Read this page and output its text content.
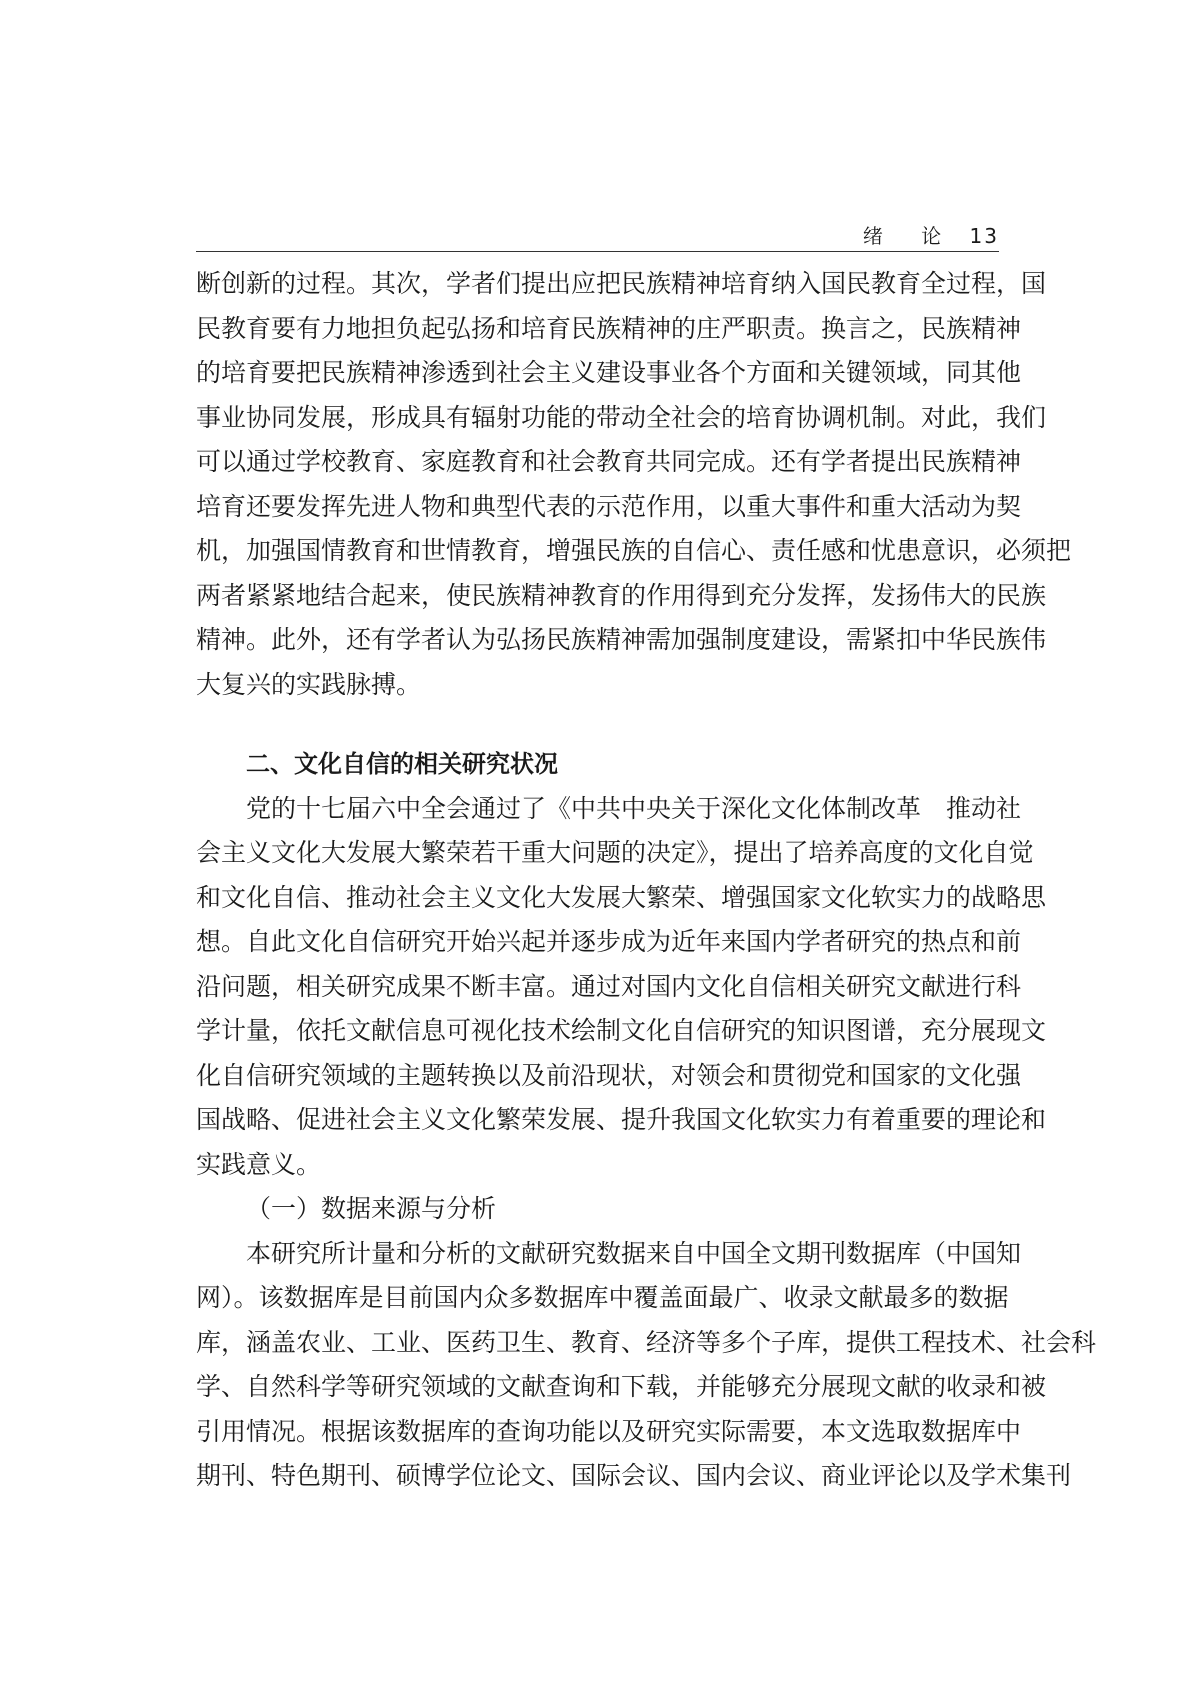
绪 论 13
断创新的过程。其次，学者们提出应把民族精神培育纳入国民教育全过程，国
民教育要有力地担负起弘扬和培育民族精神的庄严职责。换言之，民族精神
的培育要把民族精神渗透到社会主义建设事业各个方面和关键领域，同其他
事业协同发展，形成具有辐射功能的带动全社会的培育协调机制。对此，我们
可以通过学校教育、家庭教育和社会教育共同完成。还有学者提出民族精神
培育还要发挥先进人物和典型代表的示范作用，以重大事件和重大活动为契
机，加强国情教育和世情教育，增强民族的自信心、责任感和忧患意识，必须把
两者紧紧地结合起来，使民族精神教育的作用得到充分发挥，发扬伟大的民族
精神。此外，还有学者认为弘扬民族精神需加强制度建设，需紧扣中华民族伟
大复兴的实践脉搏。
二、文化自信的相关研究状况
党的十七届六中全会通过了《中共中央关于深化文化体制改革　推动社
会主义文化大发展大繁荣若干重大问题的决定》，提出了培养高度的文化自觉
和文化自信、推动社会主义文化大发展大繁荣、增强国家文化软实力的战略思
想。自此文化自信研究开始兴起并逐步成为近年来国内学者研究的热点和前
沿问题，相关研究成果不断丰富。通过对国内文化自信相关研究文献进行科
学计量，依托文献信息可视化技术绘制文化自信研究的知识图谱，充分展现文
化自信研究领域的主题转换以及前沿现状，对领会和贯彻党和国家的文化强
国战略、促进社会主义文化繁荣发展、提升我国文化软实力有着重要的理论和
实践意义。
（一）数据来源与分析
本研究所计量和分析的文献研究数据来自中国全文期刊数据库（中国知
网）。该数据库是目前国内众多数据库中覆盖面最广、收录文献最多的数据
库，涵盖农业、工业、医药卫生、教育、经济等多个子库，提供工程技术、社会科
学、自然科学等研究领域的文献查询和下载，并能够充分展现文献的收录和被
引用情况。根据该数据库的查询功能以及研究实际需要，本文选取数据库中
期刊、特色期刊、硕博学位论文、国际会议、国内会议、商业评论以及学术集刊
